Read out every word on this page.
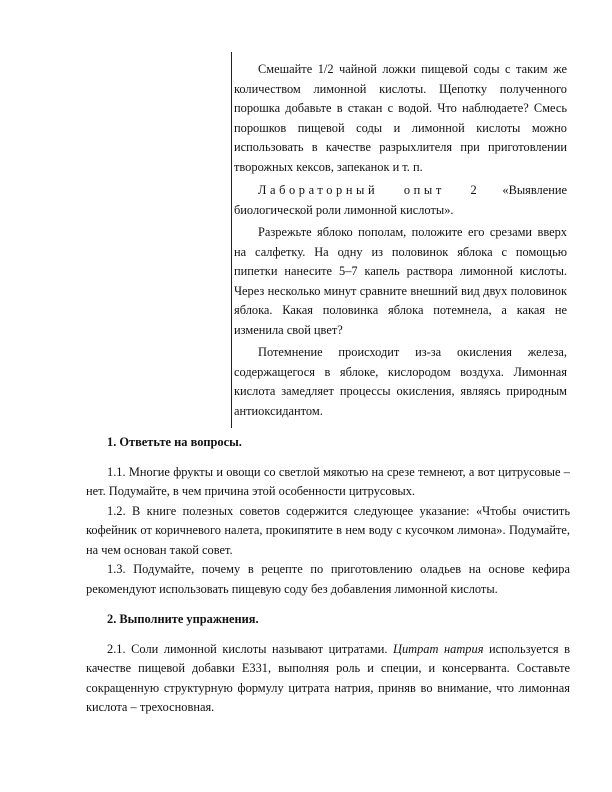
Смешайте 1/2 чайной ложки пищевой соды с таким же количеством лимонной кислоты. Щепотку полученного порошка добавьте в стакан с водой. Что наблюдаете? Смесь порошков пищевой соды и лимонной кислоты можно использовать в качестве разрыхлителя при приготовлении творожных кексов, запеканок и т. п.

Лабораторный опыт 2 «Выявление биологической роли лимонной кислоты».

Разрежьте яблоко пополам, положите его срезами вверх на салфетку. На одну из половинок яблока с помощью пипетки нанесите 5–7 капель раствора лимонной кислоты. Через несколько минут сравните внешний вид двух половинок яблока. Какая половинка яблока потемнела, а какая не изменила свой цвет?

Потемнение происходит из-за окисления железа, содержащегося в яблоке, кислородом воздуха. Лимонная кислота замедляет процессы окисления, являясь природным антиоксидантом.

1. Ответьте на вопросы.

1.1. Многие фрукты и овощи со светлой мякотью на срезе темнеют, а вот цитрусовые – нет. Подумайте, в чем причина этой особенности цитрусовых.

1.2. В книге полезных советов содержится следующее указание: «Чтобы очистить кофейник от коричневого налета, прокипятите в нем воду с кусочком лимона». Подумайте, на чем основан такой совет.

1.3. Подумайте, почему в рецепте по приготовлению оладьев на основе кефира рекомендуют использовать пищевую соду без добавления лимонной кислоты.

2. Выполните упражнения.

2.1. Соли лимонной кислоты называют цитратами. Цитрат натрия используется в качестве пищевой добавки Е331, выполняя роль и специи, и консерванта. Составьте сокращенную структурную формулу цитрата натрия, приняв во внимание, что лимонная кислота – трехосновная.
